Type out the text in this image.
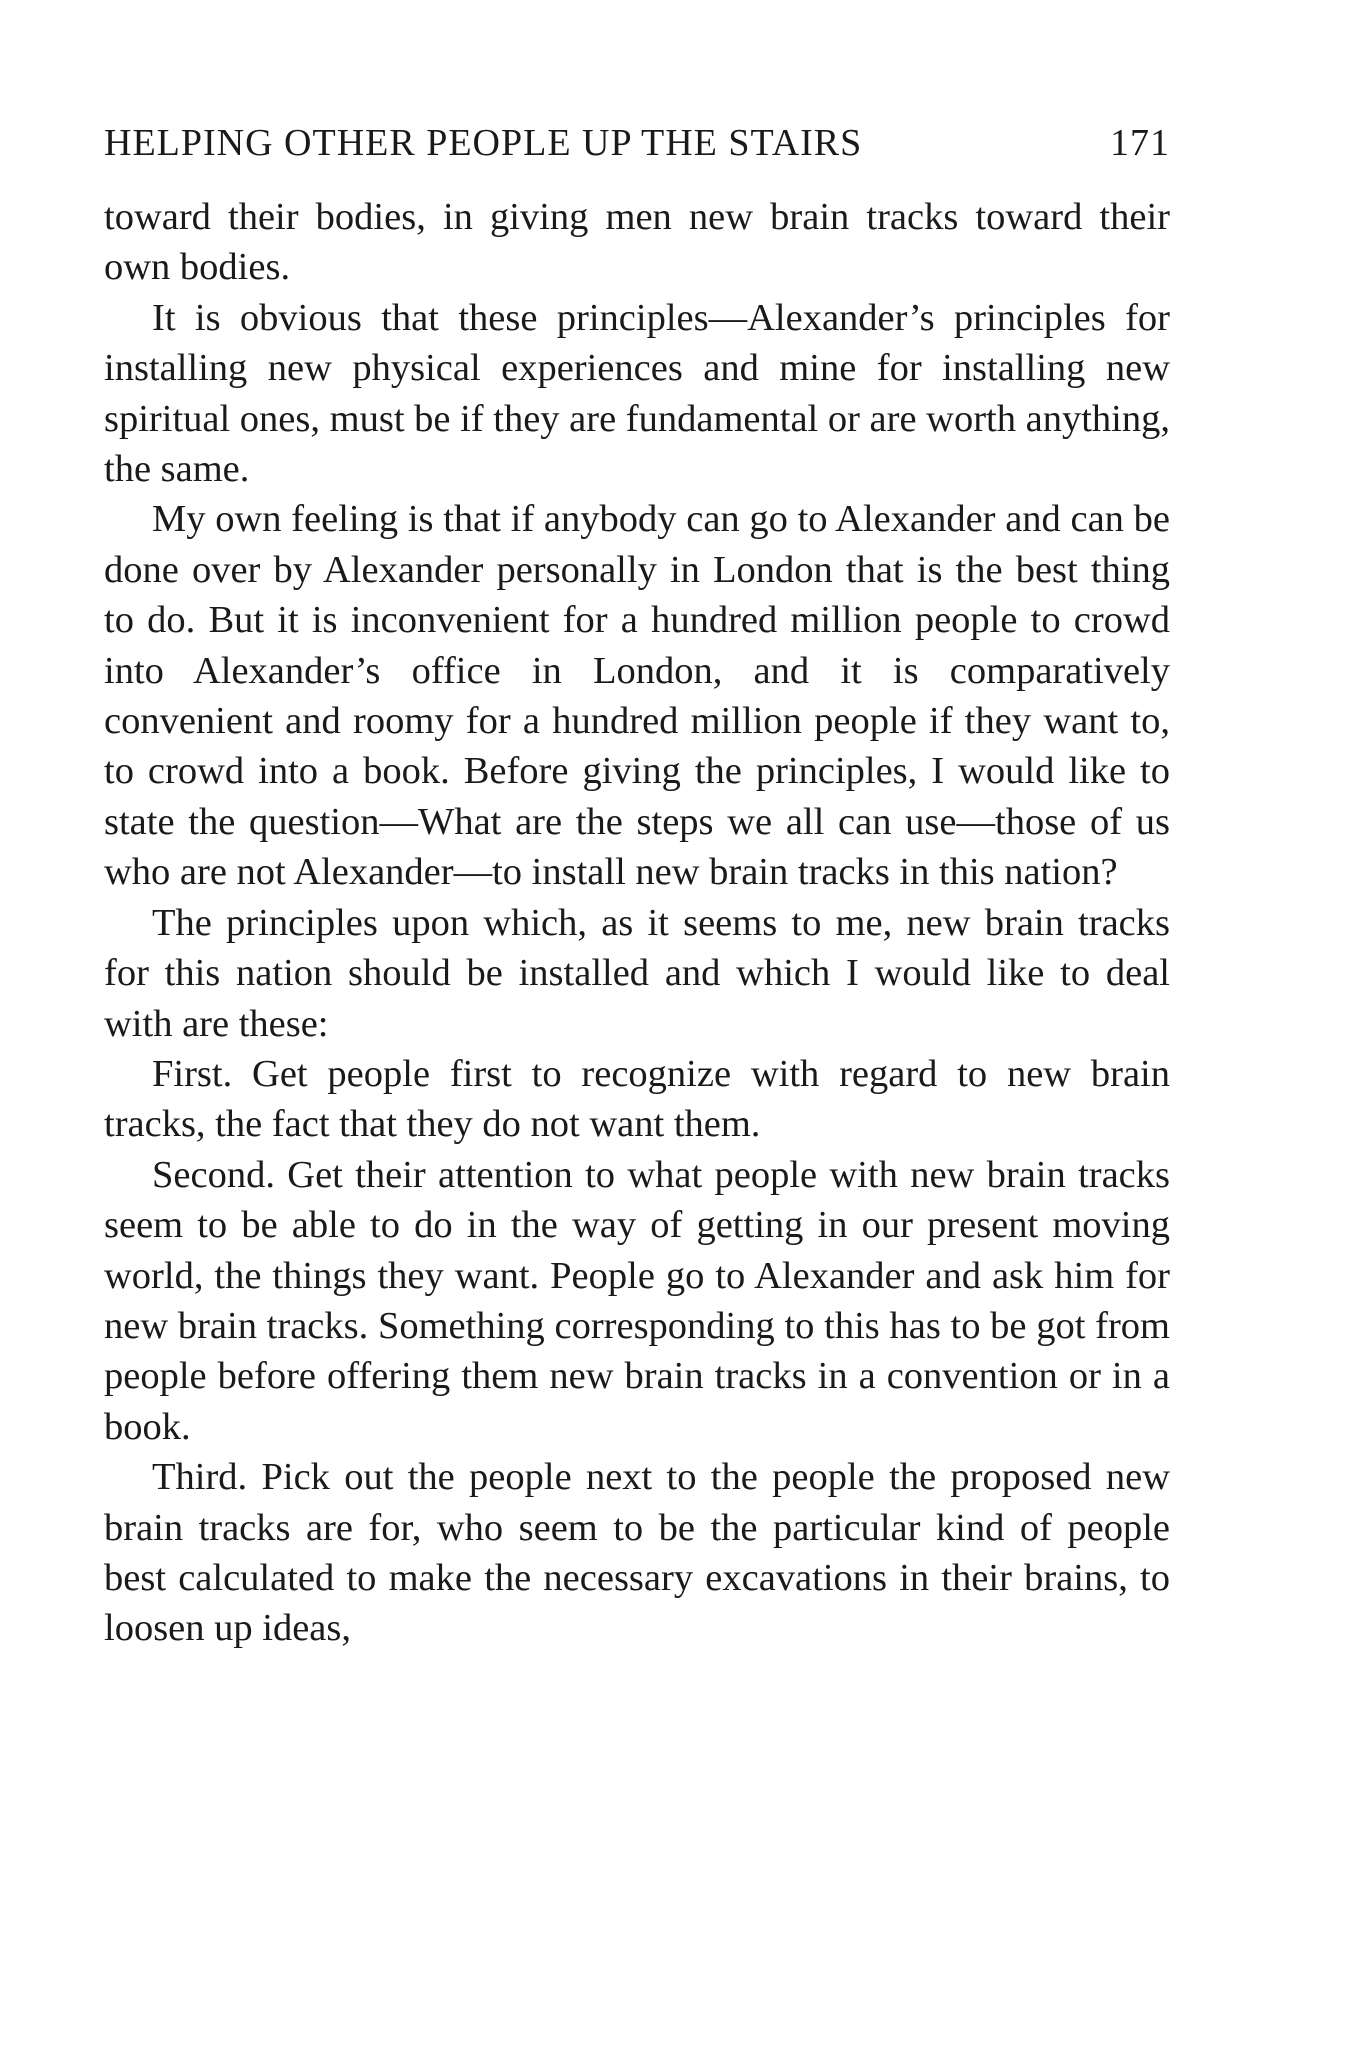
HELPING OTHER PEOPLE UP THE STAIRS	171

toward their bodies, in giving men new brain tracks toward their own bodies.

It is obvious that these principles—Alexander’s principles for installing new physical experiences and mine for installing new spiritual ones, must be if they are fundamental or are worth anything, the same.

My own feeling is that if anybody can go to Alexander and can be done over by Alexander personally in London that is the best thing to do. But it is inconvenient for a hundred million people to crowd into Alexander’s office in London, and it is comparatively convenient and roomy for a hundred million people if they want to, to crowd into a book. Before giving the principles, I would like to state the question—What are the steps we all can use—those of us who are not Alexander—to install new brain tracks in this nation?

The principles upon which, as it seems to me, new brain tracks for this nation should be installed and which I would like to deal with are these:

First. Get people first to recognize with regard to new brain tracks, the fact that they do not want them.

Second. Get their attention to what people with new brain tracks seem to be able to do in the way of getting in our present moving world, the things they want. People go to Alexander and ask him for new brain tracks. Something corresponding to this has to be got from people before offering them new brain tracks in a convention or in a book.

Third. Pick out the people next to the people the proposed new brain tracks are for, who seem to be the particular kind of people best calculated to make the necessary excavations in their brains, to loosen up ideas,
